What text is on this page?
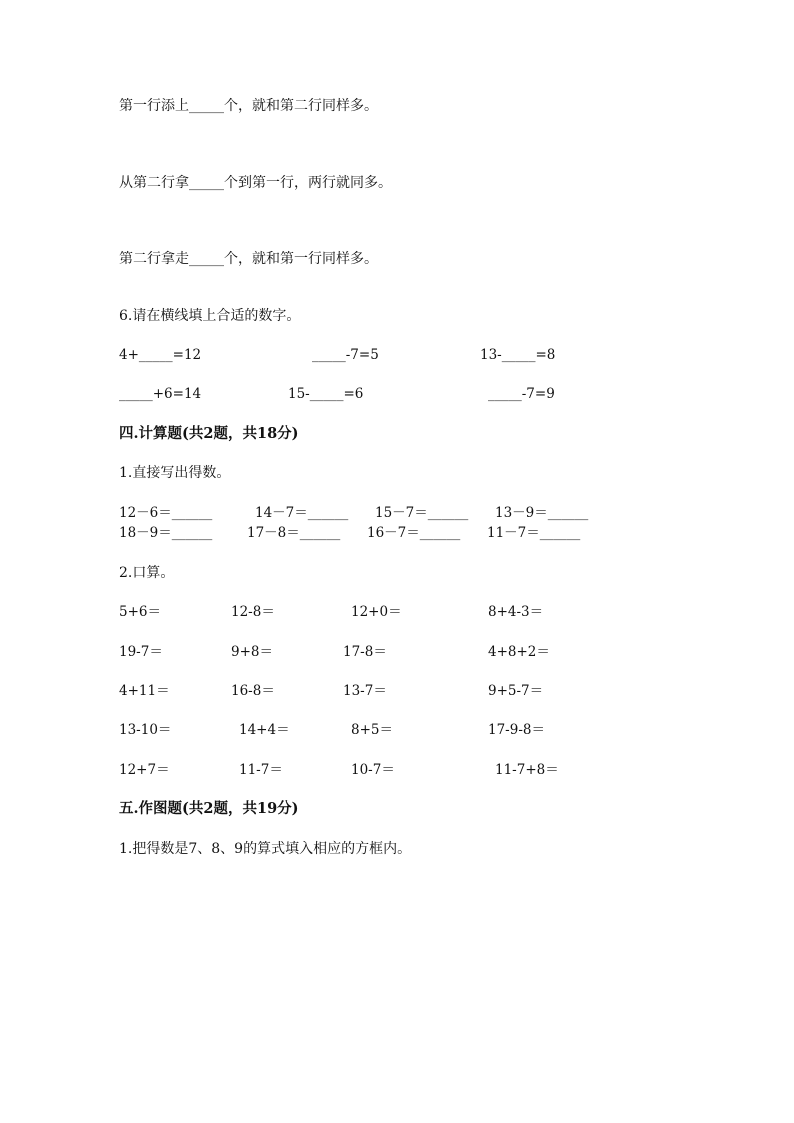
第一行添上_____个，就和第二行同样多。
从第二行拿_____个到第一行，两行就同多。
第二行拿走_____个，就和第一行同样多。
6.请在横线填上合适的数字。
4+_____=12	_____-7=5	13-_____=8
_____+6=14	15-_____=6	_____-7=9
四.计算题(共2题，共18分)
1.直接写出得数。
12－6＝______	14－7＝______ 15－7＝______ 13－9＝______
18－9＝______	17－8＝______ 16－7＝______ 11－7＝______
2.口算。
5+6＝	12-8＝	12+0＝	8+4-3＝
19-7＝	9+8＝	17-8＝	4+8+2＝
4+11＝	16-8＝	13-7＝	9+5-7＝
13-10＝	14+4＝	8+5＝	17-9-8＝
12+7＝	11-7＝	10-7＝	11-7+8＝
五.作图题(共2题，共19分)
1.把得数是7、8、9的算式填入相应的方框内。
